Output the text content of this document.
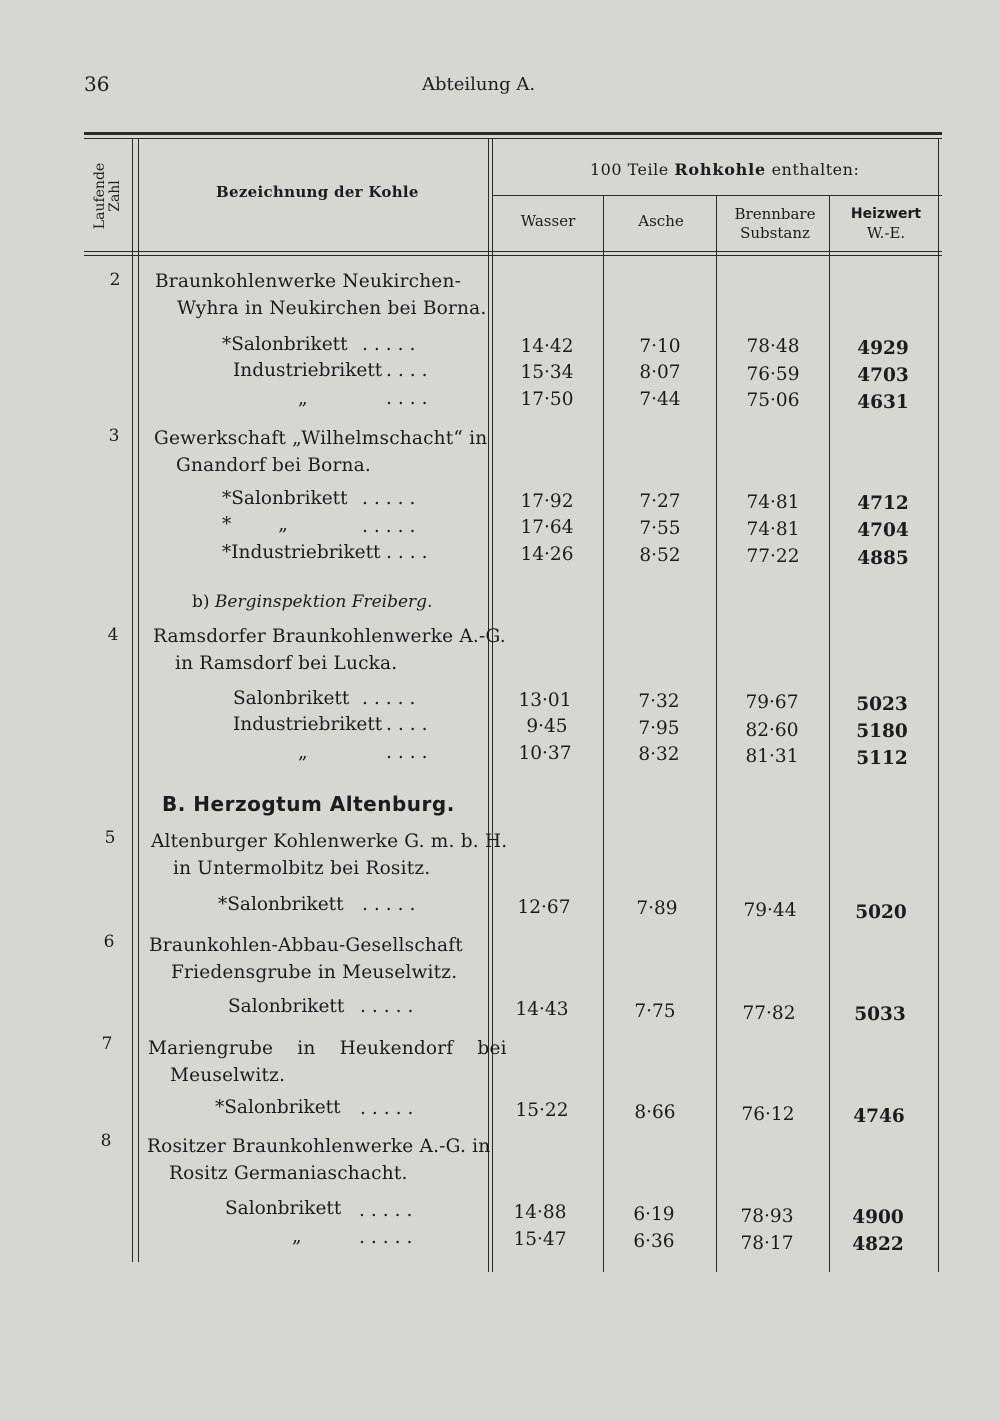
36	Abteilung A.
Laufende
Zahl	Bezeichnung der Kohle
100 Teile Rohkohle enthalten:
Wasser	Asche	Brennbare
Substanz
Heizwert
W.-E.
2	Braunkohlenwerke Neukirchen-
Wyhra in Neukirchen bei Borna.
*Salonbrikett .....	14·42	7·10	78·48	4929
Industriebrikett ....	15·34	8·07	76·59	4703
„	....	17·50	7·44	75·06	4631
3	Gewerkschaft „Wilhelmschacht“ in
Gnandorf bei Borna.
*Salonbrikett .....	17·92	7·27	74·81	4712
*        „	.....	17·64	7·55	74·81	4704
*Industriebrikett ....	14·26	8·52	77·22	4885
b) Berginspektion Freiberg.
4	Ramsdorfer Braunkohlenwerke A.-G.
in Ramsdorf bei Lucka.
Salonbrikett .....	13·01	7·32	79·67	5023
Industriebrikett ....	9·45	7·95	82·60	5180
„	....	10·37	8·32	81·31	5112
B. Herzogtum Altenburg.
5	Altenburger Kohlenwerke G. m. b. H.
in Untermolbitz bei Rositz.
*Salonbrikett .....	12·67	7·89	79·44	5020
6	Braunkohlen-Abbau-Gesellschaft
Friedensgrube in Meuselwitz.
Salonbrikett .....	14·43	7·75	77·82	5033
7	Mariengrube in Heukendorf bei
Meuselwitz.
*Salonbrikett .....	15·22	8·66	76·12	4746
8	Rositzer Braunkohlenwerke A.-G. in
Rositz Germaniaschacht.
Salonbrikett .....	14·88	6·19	78·93	4900
„	.....	15·47	6·36	78·17	4822
